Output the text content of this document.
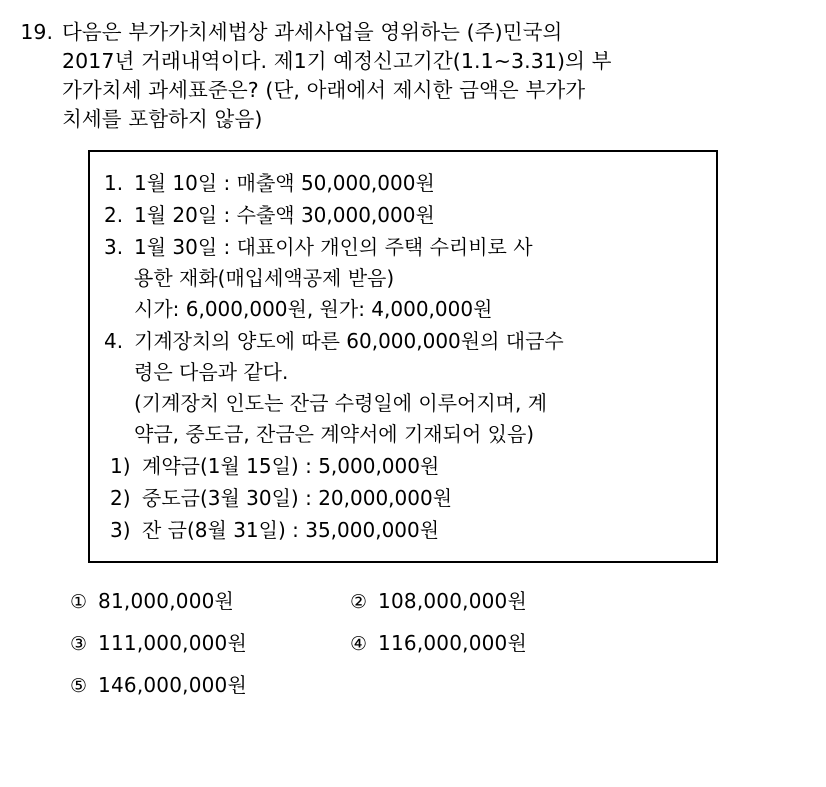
19. 다음은 부가가치세법상 과세사업을 영위하는 (주)민국의

2017년 거래내역이다. 제1기 예정신고기간(1.1~3.31)의 부

가가치세 과세표준은? (단, 아래에서 제시한 금액은 부가가

치세를 포함하지 않음)

1. 1월 10일 : 매출액 50,000,000원
2. 1월 20일 : 수출액 30,000,000원
3. 1월 30일 : 대표이사 개인의 주택 수리비로 사
용한 재화(매입세액공제 받음)
시가: 6,000,000원, 원가: 4,000,000원
4. 기계장치의 양도에 따른 60,000,000원의 대금수
령은 다음과 같다.
(기계장치 인도는 잔금 수령일에 이루어지며, 계
약금, 중도금, 잔금은 계약서에 기재되어 있음)
1) 계약금(1월 15일) : 5,000,000원
2) 중도금(3월 30일) : 20,000,000원
3) 잔 금(8월 31일) : 35,000,000원
① 81,000,000원	② 108,000,000원
③ 111,000,000원	④ 116,000,000원
⑤ 146,000,000원
